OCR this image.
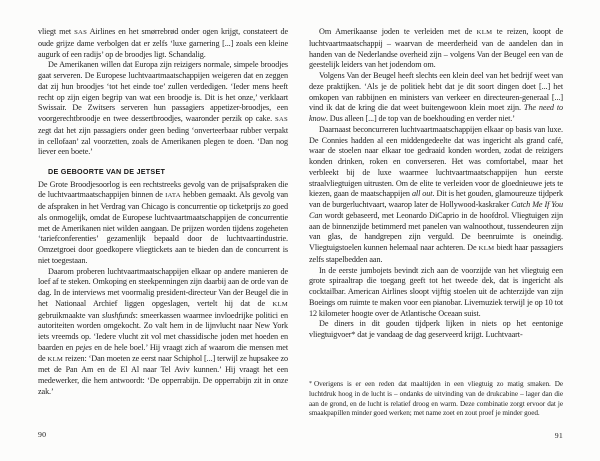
vliegt met SAS Airlines en het smørrebrød onder ogen krijgt, constateert de oude grijze dame verbolgen dat er zelfs ‘luxe garnering [...] zoals een kleine augurk of een radijs’ op de broodjes ligt. Schandalig.

De Amerikanen willen dat Europa zijn reizigers normale, simpele broodjes gaat serveren. De Europese luchtvaartmaatschappijen weigeren dat en zeggen dat zij hun broodjes ‘tot het einde toe’ zullen verdedigen. ‘Ieder mens heeft recht op zijn eigen begrip van wat een broodje is. Dit is het onze,’ verklaart Swissair. De Zwitsers serveren hun passagiers appetizer-broodjes, een voorgerechtbroodje en twee dessertbroodjes, waaronder perzik op cake. SAS zegt dat het zijn passagiers onder geen beding ‘onverteerbaar rubber verpakt in cellofaan’ zal voorzetten, zoals de Amerikanen plegen te doen. ‘Dan nog liever een boete.’

DE GEBOORTE VAN DE JETSET

De Grote Broodjesoorlog is een rechtstreeks gevolg van de prijsafspraken die de luchtvaartmaatschappijen binnen de IATA hebben gemaakt. Als gevolg van de afspraken in het Verdrag van Chicago is concurrentie op ticketprijs zo goed als onmogelijk, omdat de Europese luchtvaartmaatschappijen de concurrentie met de Amerikanen niet wilden aangaan. De prijzen worden tijdens zogeheten ‘tariefconferenties’ gezamenlijk bepaald door de luchtvaartindustrie. Omzetgroei door goedkopere vliegtickets aan te bieden dan de concurrent is niet toegestaan.

Daarom proberen luchtvaartmaatschappijen elkaar op andere manieren de loef af te steken. Omkoping en steekpenningen zijn daarbij aan de orde van de dag. In de interviews met voormalig president-directeur Van der Beugel die in het Nationaal Archief liggen opgeslagen, vertelt hij dat de KLM gebruikmaakte van slushfunds: smeerkassen waarmee invloedrijke politici en autoriteiten worden omgekocht. Zo valt hem in de lijnvlucht naar New York iets vreemds op. ‘Iedere vlucht zit vol met chassidische joden met hoeden en baarden en pejes en de hele boel.’ Hij vraagt zich af waarom die mensen met de KLM reizen: ‘Dan moeten ze eerst naar Schiphol [...] terwijl ze hupsakee zo met de Pan Am en de El Al naar Tel Aviv kunnen.’ Hij vraagt het een medewerker, die hem antwoordt: ‘De opperrabijn. De opperrabijn zit in onze zak.’

Om Amerikaanse joden te verleiden met de KLM te reizen, koopt de luchtvaartmaatschappij – waarvan de meerderheid van de aandelen dan in handen van de Nederlandse overheid zijn – volgens Van der Beugel een van de geestelijk leiders van het jodendom om.

Volgens Van der Beugel heeft slechts een klein deel van het bedrijf weet van deze praktijken. ‘Als je de politiek hebt dat je dit soort dingen doet [...] het omkopen van rabbijnen en ministers van verkeer en directeuren-generaal [...] vind ik dat de kring die dat weet buitengewoon klein moet zijn. The need to know. Dus alleen [...] de top van de boekhouding en verder niet.’

Daarnaast beconcurreren luchtvaartmaatschappijen elkaar op basis van luxe. De Connies hadden al een middengedeelte dat was ingericht als grand café, waar de stoelen naar elkaar toe gedraaid konden worden, zodat de reizigers konden drinken, roken en converseren. Het was comfortabel, maar het verbleekt bij de luxe waarmee luchtvaartmaatschappijen hun eerste straalvliegtuigen uitrusten. Om de elite te verleiden voor de gloednieuwe jets te kiezen, gaan de maatschappijen all out. Dit is het gouden, glamoureuze tijdperk van de burgerluchtvaart, waarop later de Hollywood-kaskraker Catch Me If You Can wordt gebaseerd, met Leonardo DiCaprio in de hoofdrol. Vliegtuigen zijn aan de binnenzijde betimmerd met panelen van walnoothout, tussendeuren zijn van glas, de handgrepen zijn verguld. De beenruimte is oneindig. Vliegtuigstoelen kunnen helemaal naar achteren. De KLM biedt haar passagiers zelfs stapelbedden aan.

In de eerste jumbojets bevindt zich aan de voorzijde van het vliegtuig een grote spiraaltrap die toegang geeft tot het tweede dek, dat is ingericht als cocktailbar. American Airlines sloopt vijftig stoelen uit de achterzijde van zijn Boeings om ruimte te maken voor een pianobar. Livemuziek terwijl je op 10 tot 12 kilometer hoogte over de Atlantische Oceaan suist.

De diners in dit gouden tijdperk lijken in niets op het eentonige vliegtuigvoer* dat je vandaag de dag geserveerd krijgt. Luchtvaart-

* Overigens is er een reden dat maaltijden in een vliegtuig zo matig smaken. De luchtdruk hoog in de lucht is – ondanks de uitvinding van de drukcabine – lager dan die aan de grond, en de lucht is relatief droog en warm. Deze combinatie zorgt ervoor dat je smaakpapillen minder goed werken; met name zoet en zout proef je minder goed.
90	91
